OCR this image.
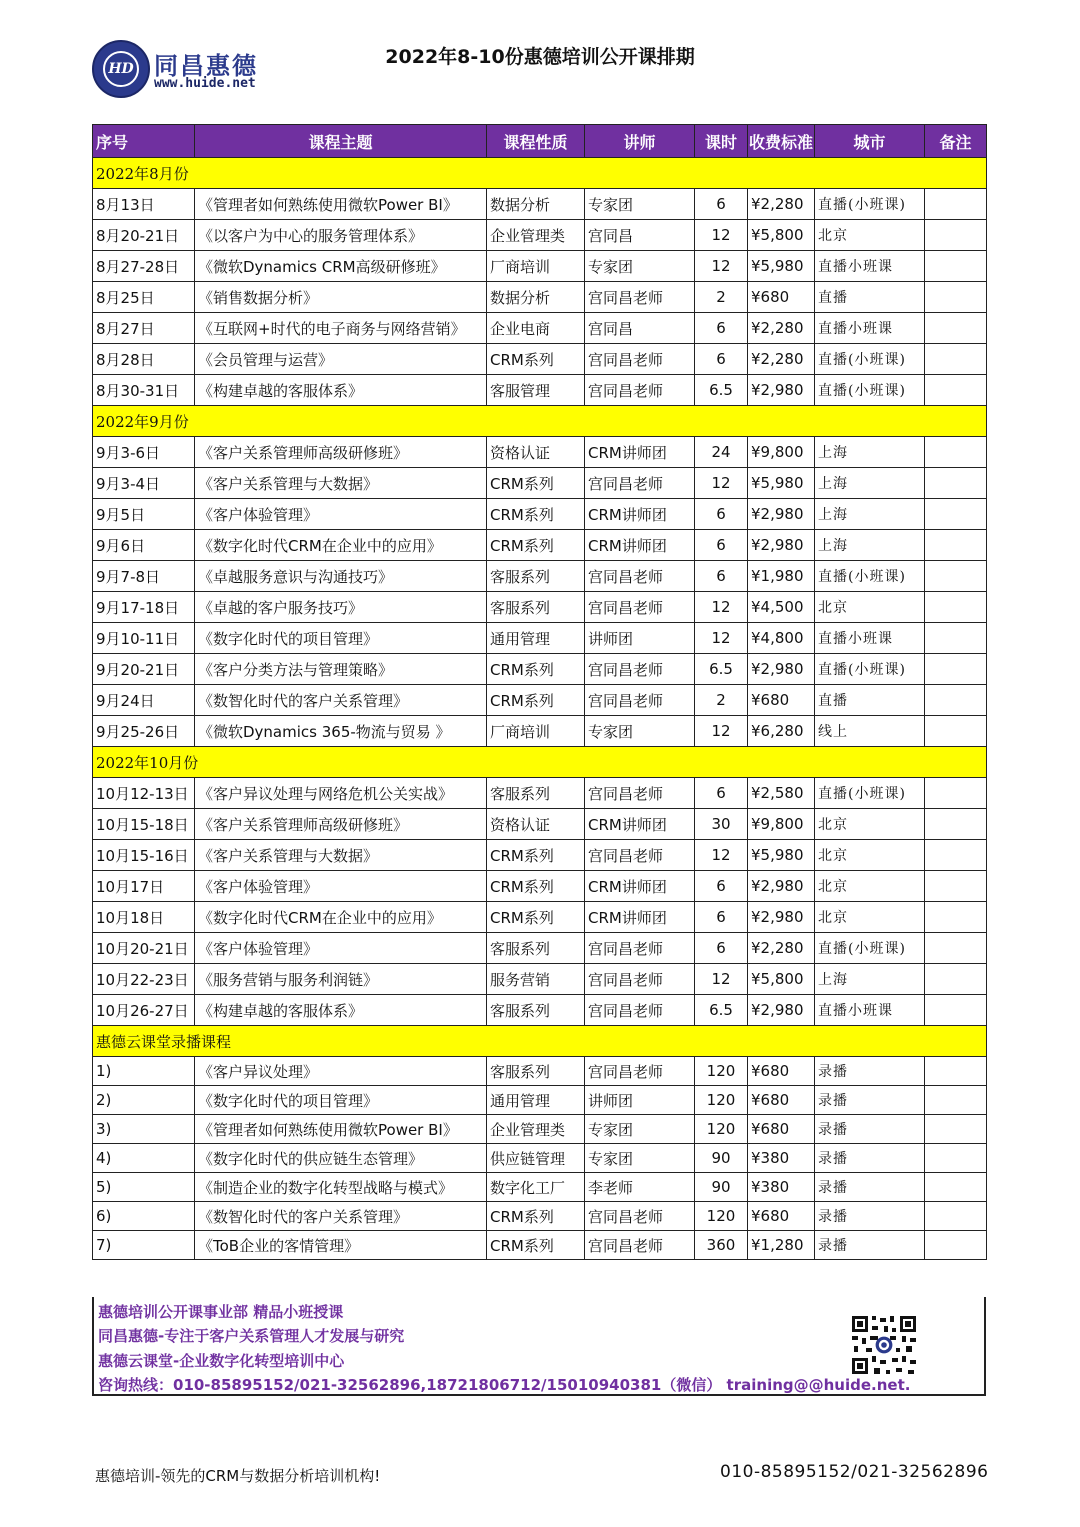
HD 同昌惠德
www.huide.net
2022年8-10份惠德培训公开课排期
序号	课程主题	课程性质	讲师	课时	收费标准	城市	备注
2022年8月份							
8月13日	《管理者如何熟练使用微软Power BI》	数据分析	专家团	6	¥2,280	直播(小班课)	
8月20-21日	《以客户为中心的服务管理体系》	企业管理类	宫同昌	12	¥5,800	北京	
8月27-28日	《微软Dynamics CRM高级研修班》	厂商培训	专家团	12	¥5,980	直播小班课	
8月25日	《销售数据分析》	数据分析	宫同昌老师	2	¥680	直播	
8月27日	《互联网+时代的电子商务与网络营销》	企业电商	宫同昌	6	¥2,280	直播小班课	
8月28日	《会员管理与运营》	CRM系列	宫同昌老师	6	¥2,280	直播(小班课)	
8月30-31日	《构建卓越的客服体系》	客服管理	宫同昌老师	6.5	¥2,980	直播(小班课)	
2022年9月份							
9月3-6日	《客户关系管理师高级研修班》	资格认证	CRM讲师团	24	¥9,800	上海	
9月3-4日	《客户关系管理与大数据》	CRM系列	宫同昌老师	12	¥5,980	上海	
9月5日	《客户体验管理》	CRM系列	CRM讲师团	6	¥2,980	上海	
9月6日	《数字化时代CRM在企业中的应用》	CRM系列	CRM讲师团	6	¥2,980	上海	
9月7-8日	《卓越服务意识与沟通技巧》	客服系列	宫同昌老师	6	¥1,980	直播(小班课)	
9月17-18日	《卓越的客户服务技巧》	客服系列	宫同昌老师	12	¥4,500	北京	
9月10-11日	《数字化时代的项目管理》	通用管理	讲师团	12	¥4,800	直播小班课	
9月20-21日	《客户分类方法与管理策略》	CRM系列	宫同昌老师	6.5	¥2,980	直播(小班课)	
9月24日	《数智化时代的客户关系管理》	CRM系列	宫同昌老师	2	¥680	直播	
9月25-26日	《微软Dynamics 365-物流与贸易 》	厂商培训	专家团	12	¥6,280	线上	
2022年10月份							
10月12-13日	《客户异议处理与网络危机公关实战》	客服系列	宫同昌老师	6	¥2,580	直播(小班课)	
10月15-18日	《客户关系管理师高级研修班》	资格认证	CRM讲师团	30	¥9,800	北京	
10月15-16日	《客户关系管理与大数据》	CRM系列	宫同昌老师	12	¥5,980	北京	
10月17日	《客户体验管理》	CRM系列	CRM讲师团	6	¥2,980	北京	
10月18日	《数字化时代CRM在企业中的应用》	CRM系列	CRM讲师团	6	¥2,980	北京	
10月20-21日	《客户体验管理》	客服系列	宫同昌老师	6	¥2,280	直播(小班课)	
10月22-23日	《服务营销与服务利润链》	服务营销	宫同昌老师	12	¥5,800	上海	
10月26-27日	《构建卓越的客服体系》	客服系列	宫同昌老师	6.5	¥2,980	直播小班课	
惠德云课堂录播课程							
1)	《客户异议处理》	客服系列	宫同昌老师	120	¥680	录播	
2)	《数字化时代的项目管理》	通用管理	讲师团	120	¥680	录播	
3)	《管理者如何熟练使用微软Power BI》	企业管理类	专家团	120	¥680	录播	
4)	《数字化时代的供应链生态管理》	供应链管理	专家团	90	¥380	录播	
5)	《制造企业的数字化转型战略与模式》	数字化工厂	李老师	90	¥380	录播	
6)	《数智化时代的客户关系管理》	CRM系列	宫同昌老师	120	¥680	录播	
7)	《ToB企业的客情管理》	CRM系列	宫同昌老师	360	¥1,280	录播	
惠德培训公开课事业部 精品小班授课
同昌惠德-专注于客户关系管理人才发展与研究
惠德云课堂-企业数字化转型培训中心
咨询热线：010-85895152/021-32562896,18721806712/15010940381（微信） training@@huide.net.
惠德培训-领先的CRM与数据分析培训机构!	010-85895152/021-32562896
